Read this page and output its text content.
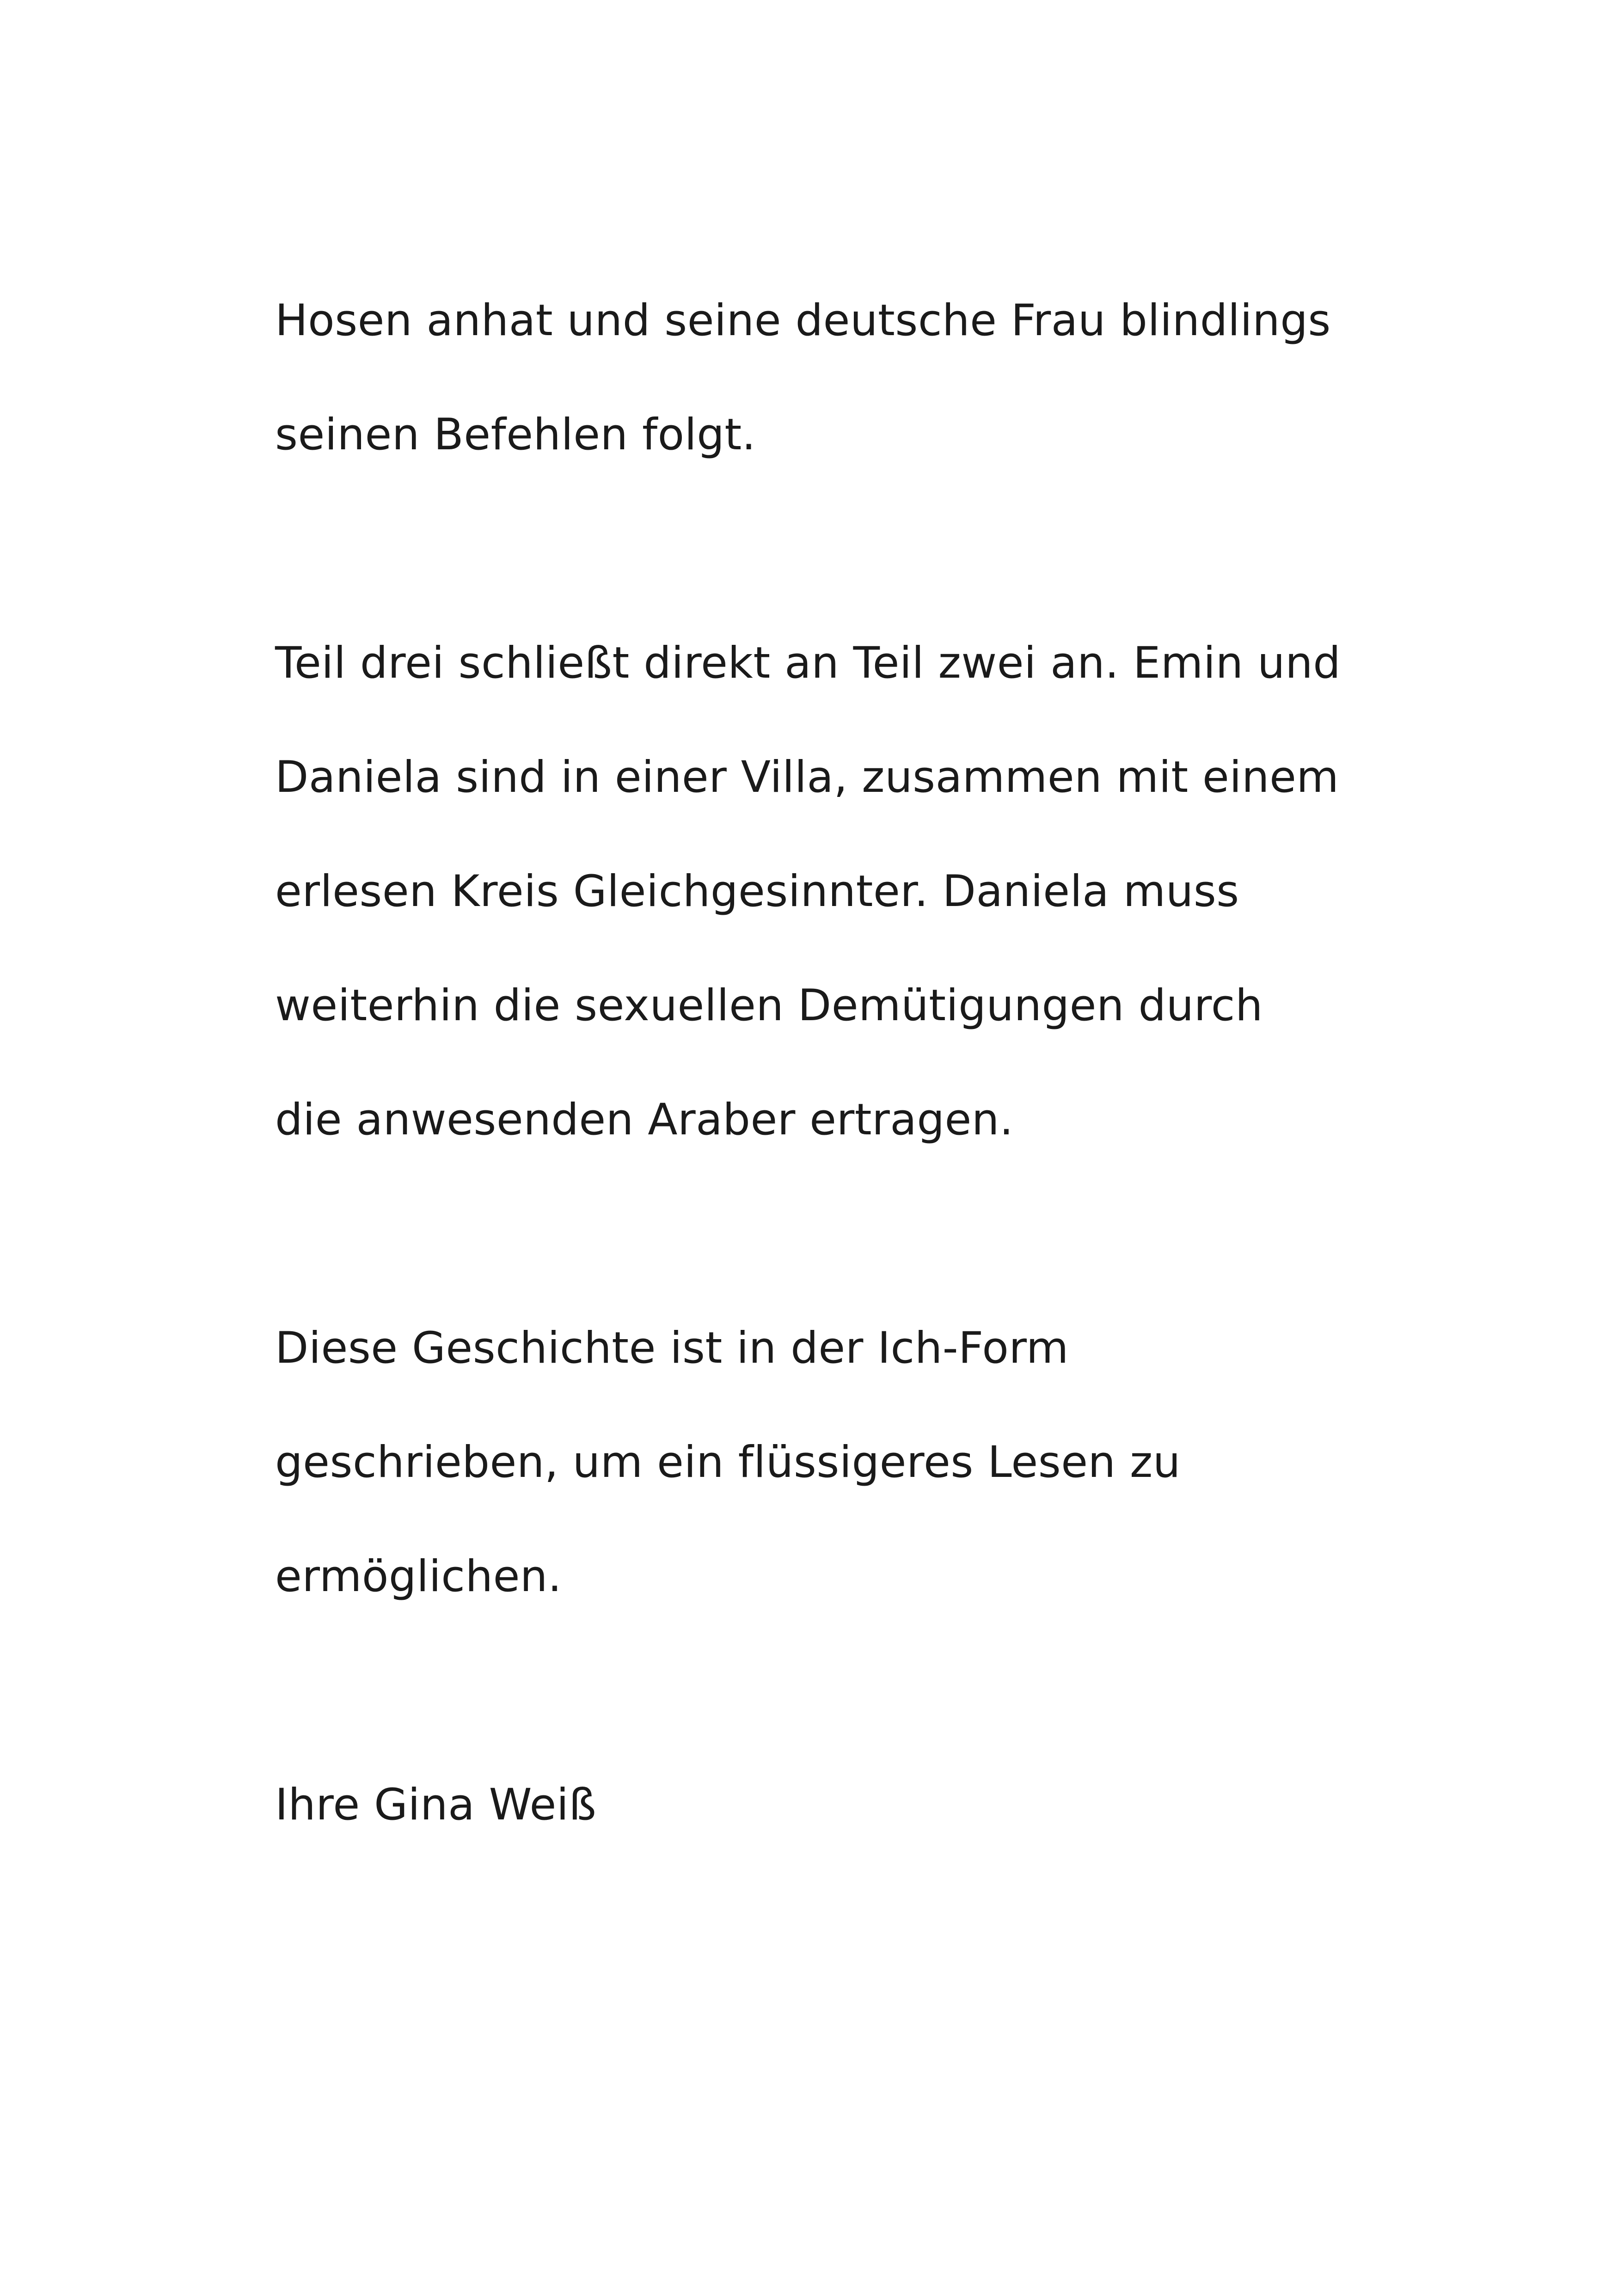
Hosen anhat und seine deutsche Frau blindlings
seinen Befehlen folgt.
Teil drei schließt direkt an Teil zwei an. Emin und
Daniela sind in einer Villa, zusammen mit einem
erlesen Kreis Gleichgesinnter. Daniela muss
weiterhin die sexuellen Demütigungen durch
die anwesenden Araber ertragen.
Diese Geschichte ist in der Ich-Form
geschrieben, um ein flüssigeres Lesen zu
ermöglichen.
Ihre Gina Weiß
